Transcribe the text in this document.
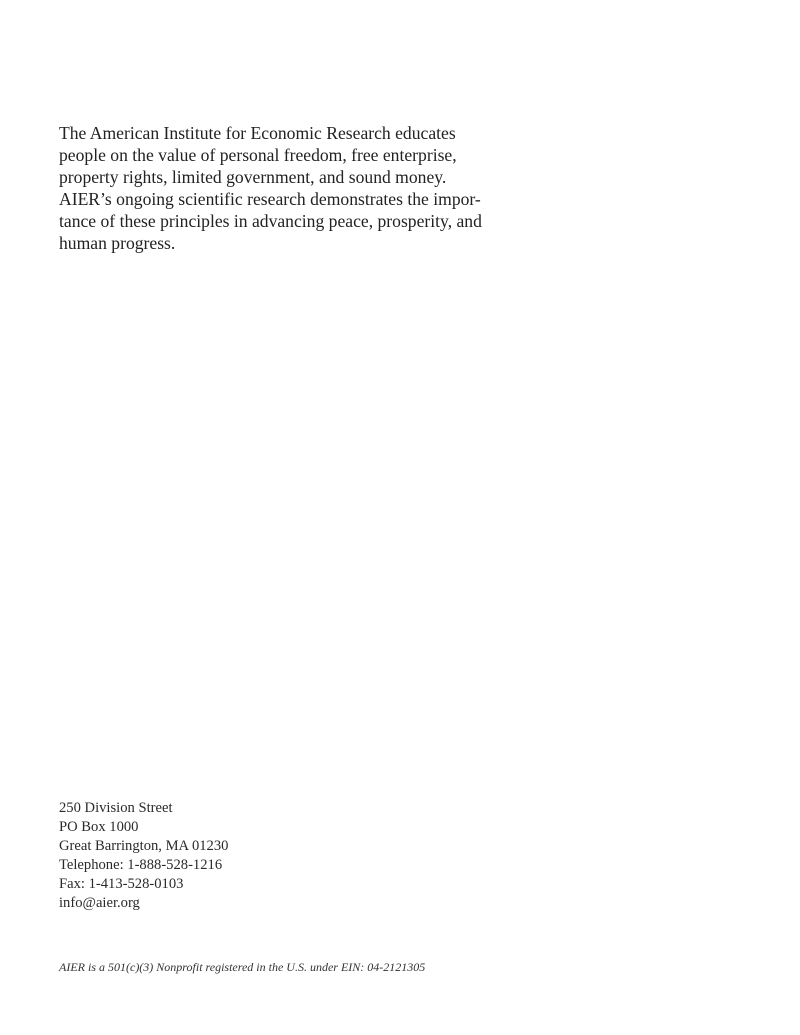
The American Institute for Economic Research educates
people on the value of personal freedom, free enterprise,
property rights, limited government, and sound money.
AIER’s ongoing scientific research demonstrates the impor-
tance of these principles in advancing peace, prosperity, and
human progress.
250 Division Street
PO Box 1000
Great Barrington, MA 01230
Telephone: 1-888-528-1216
Fax: 1-413-528-0103
info@aier.org
AIER is a 501(c)(3) Nonprofit registered in the U.S. under EIN: 04-2121305
